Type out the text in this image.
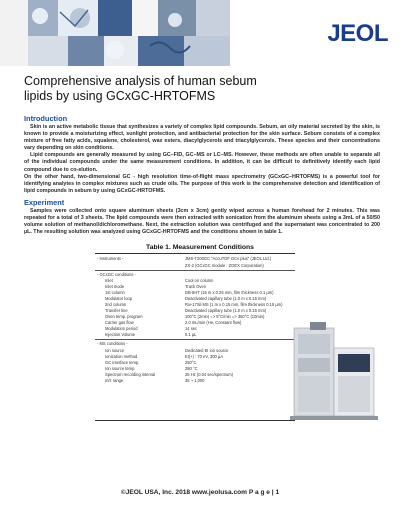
JEOL
Comprehensive analysis of human sebum lipids by using GCxGC-HRTOFMS
Introduction

Skin is an active metabolic tissue that synthesizes a variety of complex lipid compounds. Sebum, an oily material secreted by the skin, is known to provide a moisturizing effect, sunlight protection, and antibacterial protection for the skin surface. Sebum consists of a complex mixture of free fatty acids, squalene, cholesterol, wax esters, diacylglycerols and triacylglycerols. These species and their concentrations vary depending on skin conditions.

Lipid compounds are generally measured by using GC–FID, GC–MS or LC–MS. However, these methods are often unable to separate all of the individual compounds under the same measurement conditions. In addition, it can be difficult to definitively identify each lipid compound due to co-elution.

On the other hand, two-dimensional GC - high resolution time-of-flight mass spectrometry (GCxGC–HRTOFMS) is a powerful tool for identifying analytes in complex mixtures such as crude oils. The purpose of this work is the comprehensive detection and identification of lipid compounds in sebum by using GCxGC-HRTOFMS.

Experiment

Samples were collected onto square aluminum sheets (3cm x 3cm) gently wiped across a human forehead for 2 minutes. This was repeated for a total of 3 sheets. The lipid compounds were then extracted with sonication from the aluminum sheets using a 3mL of a 50/50 volume solution of methanol/dichloromethane. Next, the extraction solution was centrifuged and the supernatant was concentrated to 200 µL. The resulting solution was analyzed using GCxGC-HRTOFMS and the conditions shown in table 1.

Table 1. Measurement Conditions
- Instruments -	JMS-T200GC "AccuTOF GCv plus" (JEOL Ltd.)
ZX-2 (GCxGC module : ZOEX Corporation)
- GCxGC conditions -
Inlet	Cool on column
Inlet mode	Track Oven
1st column	DB-5HT (15 m x 0.25 mm, film thickness 0.1 µm)
Modulator loop	Deactivated capillary tube (1.0 m x 0.15 mm)
2nd column	Rxi-17Sil MS (1 m x 0.15 mm, film thickness 0.15 µm)
Transfer line	Deactivated capillary tube (1.0 m x 0.15 mm)
Oven temp. program	100°C (2min) => 5°C/min => 360°C (10min)
Carrier gas flow	2.0 mL/min (He, Constant flow)
Modulation period	14 sec
Injection Volume	0.1 µL
- MS conditions -
Ion source	Dedicated EI ion source
Ionization method	EI(+) : 70 eV, 300 µA
GC interface temp.	250°C
Ion source temp.	280 °C
Spectrum recording interval	25 Hz (0.04 sec/spectrum)
m/z range	35 ~ 1,000
©JEOL USA, Inc. 2018 www.jeolusa.com P a g e | 1
